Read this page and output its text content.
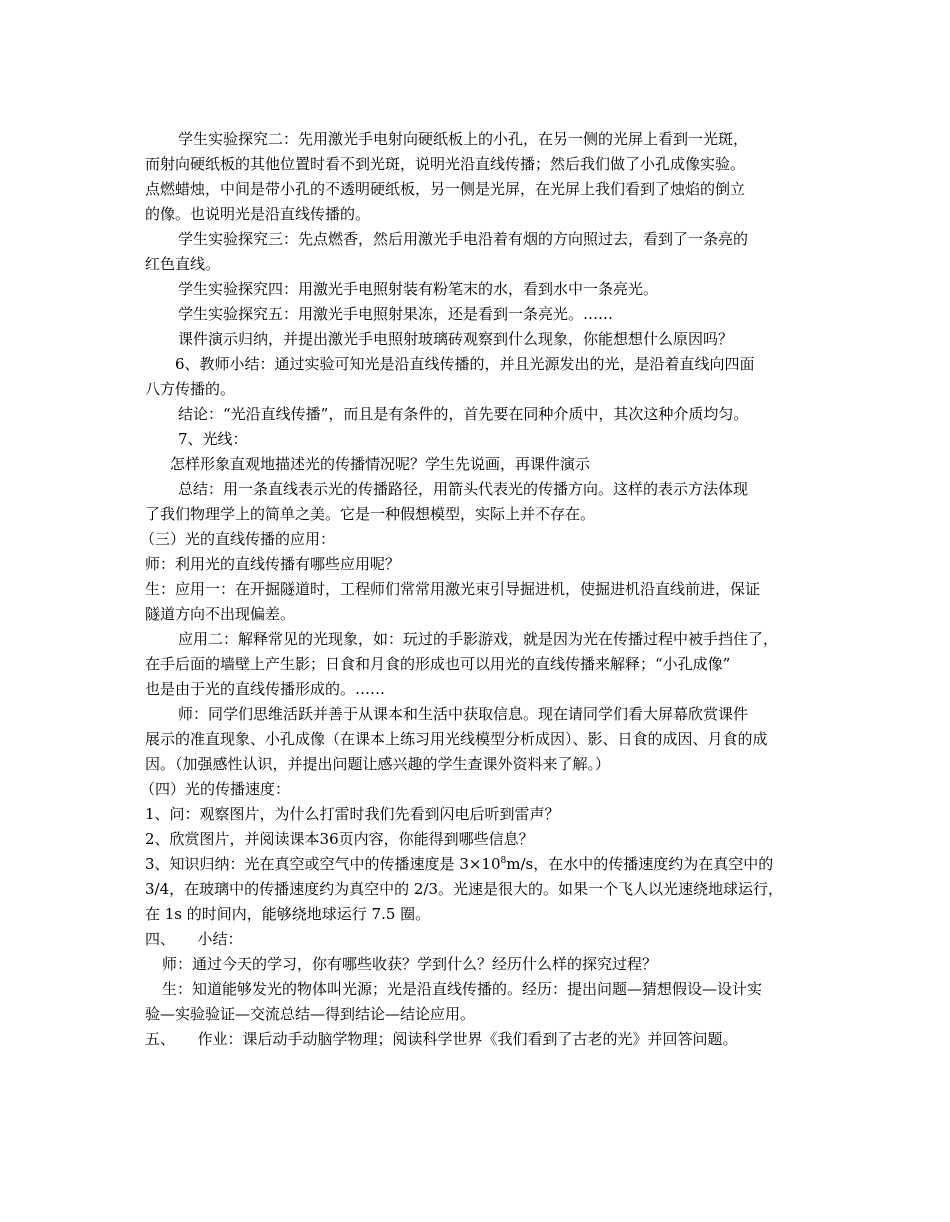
学生实验探究二：先用激光手电射向硬纸板上的小孔，在另一侧的光屏上看到一光斑，
而射向硬纸板的其他位置时看不到光斑，说明光沿直线传播；然后我们做了小孔成像实验。
点燃蜡烛，中间是带小孔的不透明硬纸板，另一侧是光屏，在光屏上我们看到了烛焰的倒立
的像。也说明光是沿直线传播的。
学生实验探究三：先点燃香，然后用激光手电沿着有烟的方向照过去，看到了一条亮的
红色直线。
学生实验探究四：用激光手电照射装有粉笔末的水，看到水中一条亮光。
学生实验探究五：用激光手电照射果冻，还是看到一条亮光。……
课件演示归纳，并提出激光手电照射玻璃砖观察到什么现象，你能想想什么原因吗？
6、教师小结：通过实验可知光是沿直线传播的，并且光源发出的光，是沿着直线向四面
八方传播的。
结论：“光沿直线传播”，而且是有条件的，首先要在同种介质中，其次这种介质均匀。
7、光线：
怎样形象直观地描述光的传播情况呢？学生先说画，再课件演示
总结：用一条直线表示光的传播路径，用箭头代表光的传播方向。这样的表示方法体现
了我们物理学上的简单之美。它是一种假想模型，实际上并不存在。
（三）光的直线传播的应用：
师：利用光的直线传播有哪些应用呢？
生：应用一：在开掘隧道时，工程师们常常用激光束引导掘进机，使掘进机沿直线前进，保证
隧道方向不出现偏差。
应用二：解释常见的光现象，如：玩过的手影游戏，就是因为光在传播过程中被手挡住了，
在手后面的墙壁上产生影；日食和月食的形成也可以用光的直线传播来解释；“小孔成像”
也是由于光的直线传播形成的。……
师：同学们思维活跃并善于从课本和生活中获取信息。现在请同学们看大屏幕欣赏课件
展示的准直现象、小孔成像（在课本上练习用光线模型分析成因）、影、日食的成因、月食的成
因。（加强感性认识，并提出问题让感兴趣的学生查课外资料来了解。）
（四）光的传播速度：
1、问：观察图片，为什么打雷时我们先看到闪电后听到雷声？
2、欣赏图片，并阅读课本36页内容，你能得到哪些信息？
3、知识归纳：光在真空或空气中的传播速度是 $3\times 10^8m/s$，在水中的传播速度约为在真空中的
3/4，在玻璃中的传播速度约为真空中的 2/3。光速是很大的。如果一个飞人以光速绕地球运行，
在 1s 的时间内，能够绕地球运行 7.5 圈。
四、　　小结：
师：通过今天的学习，你有哪些收获？学到什么？经历什么样的探究过程？
生：知道能够发光的物体叫光源；光是沿直线传播的。经历：提出问题—猜想假设—设计实
验—实验验证—交流总结—得到结论—结论应用。
五、　　作业：课后动手动脑学物理；阅读科学世界《我们看到了古老的光》并回答问题。
